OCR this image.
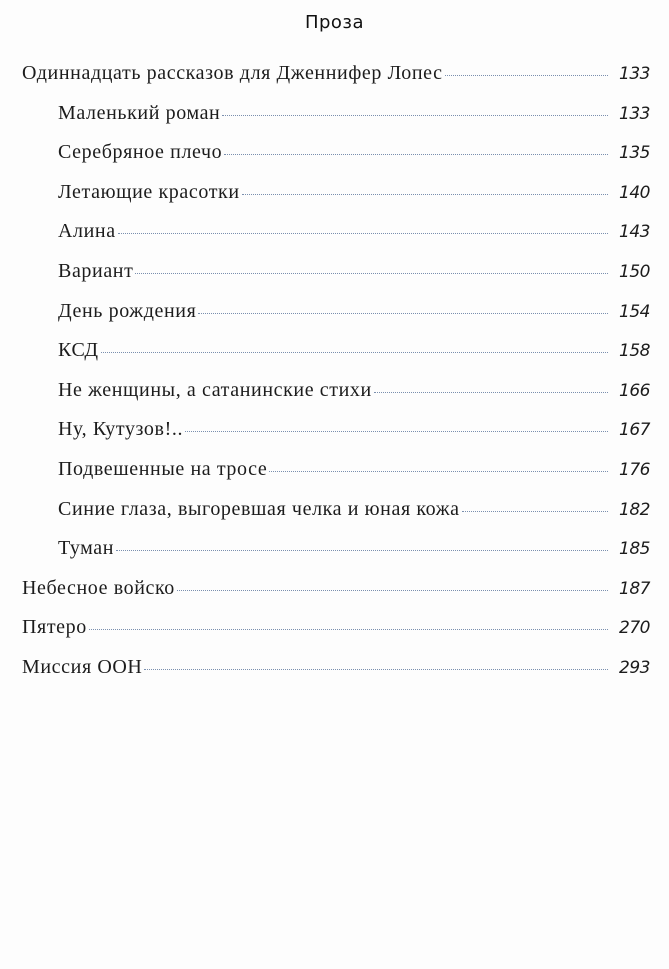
Проза
Одиннадцать рассказов для Дженнифер Лопес	133
Маленький роман	133
Серебряное плечо	135
Летающие красотки	140
Алина	143
Вариант	150
День рождения	154
КСД	158
Не женщины, а сатанинские стихи	166
Ну, Кутузов!..	167
Подвешенные на тросе	176
Синие глаза, выгоревшая челка и юная кожа	182
Туман	185
Небесное войско	187
Пятеро	270
Миссия ООН	293
